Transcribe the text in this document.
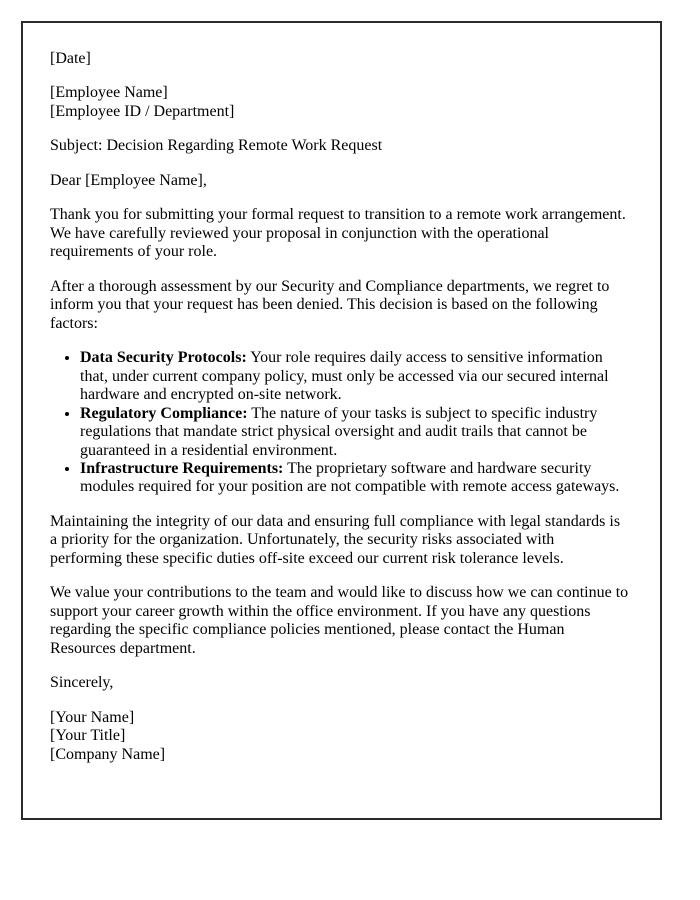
[Date]

[Employee Name]
[Employee ID / Department]

Subject: Decision Regarding Remote Work Request

Dear [Employee Name],

Thank you for submitting your formal request to transition to a remote work arrangement. We have carefully reviewed your proposal in conjunction with the operational requirements of your role.

After a thorough assessment by our Security and Compliance departments, we regret to inform you that your request has been denied. This decision is based on the following factors:

• Data Security Protocols: Your role requires daily access to sensitive information that, under current company policy, must only be accessed via our secured internal hardware and encrypted on-site network.
• Regulatory Compliance: The nature of your tasks is subject to specific industry regulations that mandate strict physical oversight and audit trails that cannot be guaranteed in a residential environment.
• Infrastructure Requirements: The proprietary software and hardware security modules required for your position are not compatible with remote access gateways.

Maintaining the integrity of our data and ensuring full compliance with legal standards is a priority for the organization. Unfortunately, the security risks associated with performing these specific duties off-site exceed our current risk tolerance levels.

We value your contributions to the team and would like to discuss how we can continue to support your career growth within the office environment. If you have any questions regarding the specific compliance policies mentioned, please contact the Human Resources department.

Sincerely,

[Your Name]
[Your Title]
[Company Name]
